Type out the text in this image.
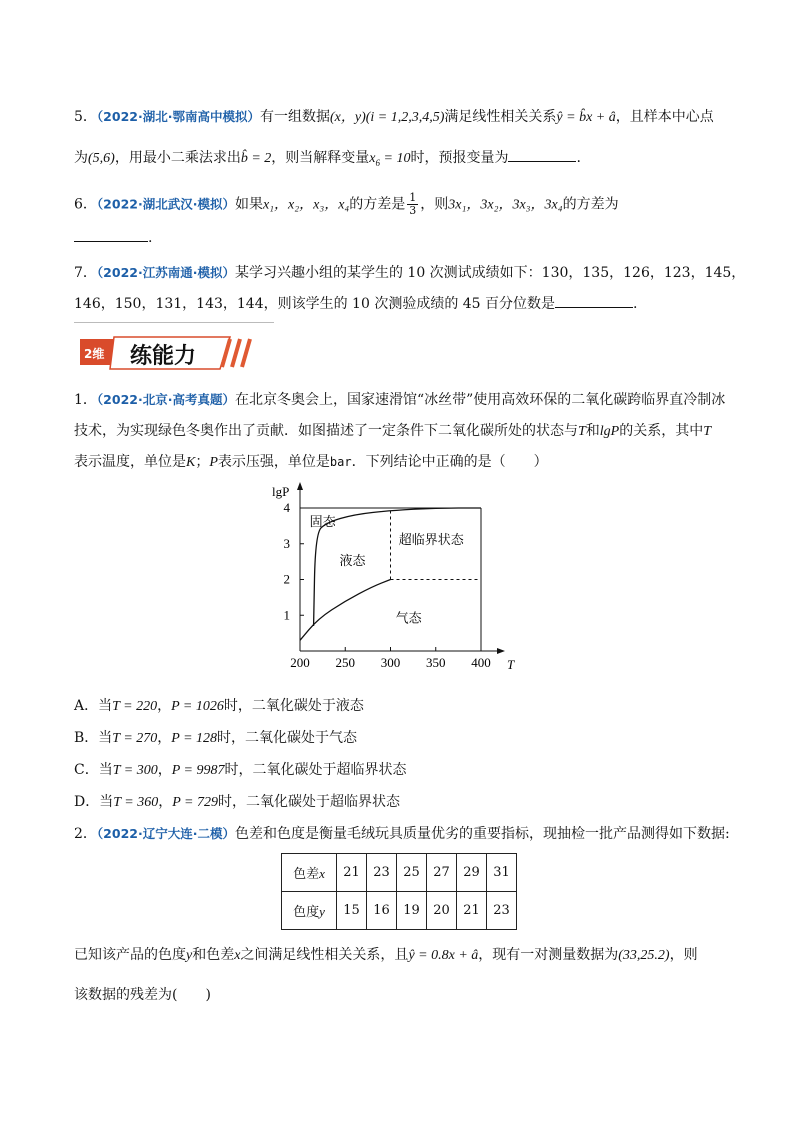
5．（2022·湖北·鄂南高中模拟）有一组数据(x，y)(i = 1,2,3,4,5)满足线性相关关系ŷ = b̂x + â，且样本中心点
为(5,6)，用最小二乘法求出b̂ = 2，则当解释变量$x_6 = 10$时，预报变量为	.
6．（2022·湖北武汉·模拟）如果x₁，x₂，x₃，x₄的方差是 $\frac{1}{3}$ ，则3x₁，3x₂，3x₃，3x₄的方差为
.
7．（2022·江苏南通·模拟）某学习兴趣小组的某学生的 10 次测试成绩如下：130，135，126，123，145，
146，150，131，143，144，则该学生的 10 次测验成绩的 45 百分位数是	.
2维 练能力
1．（2022·北京·高考真题）在北京冬奥会上，国家速滑馆“冰丝带”使用高效环保的二氧化碳跨临界直冷制冰
技术，为实现绿色冬奥作出了贡献．如图描述了一定条件下二氧化碳所处的状态与T和lgP的关系，其中T
表示温度，单位是K；P表示压强，单位是bar．下列结论中正确的是（　　）
200 250 300 350 400
1
2
3
4
lgP
T
固态
液态
超临界状态
气态
A．当T = 220，P = 1026时，二氧化碳处于液态
B．当T = 270，P = 128时，二氧化碳处于气态
C．当T = 300，P = 9987时，二氧化碳处于超临界状态
D．当T = 360，P = 729时，二氧化碳处于超临界状态
2．（2022·辽宁大连·二模）色差和色度是衡量毛绒玩具质量优劣的重要指标，现抽检一批产品测得如下数据:
色差x	21	23	25	27	29	31
色度y	15	16	19	20	21	23
已知该产品的色度y和色差x之间满足线性相关关系，且ŷ = 0.8x + â，现有一对测量数据为(33,25.2)，则
该数据的残差为(　　)
